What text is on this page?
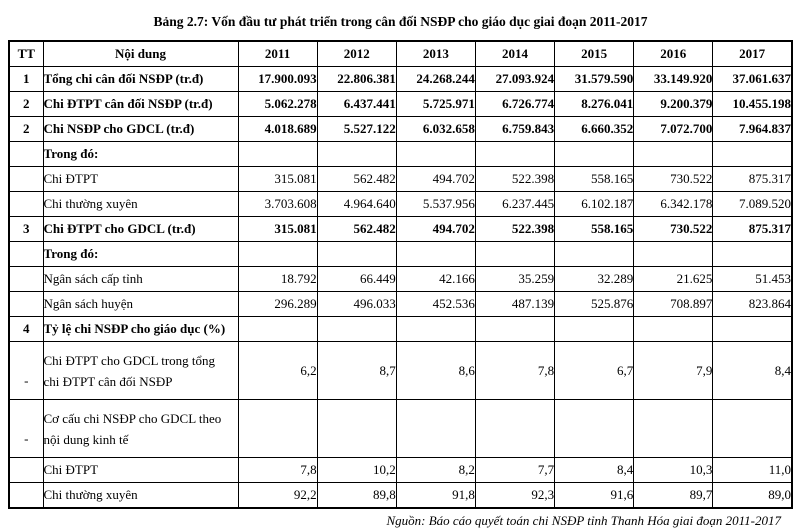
Bảng 2.7: Vốn đầu tư phát triển trong cân đối NSĐP cho giáo dục giai đoạn 2011-2017
TT	Nội dung	2011	2012	2013	2014	2015	2016	2017
1	Tổng chi cân đối NSĐP (tr.đ)	17.900.093	22.806.381	24.268.244	27.093.924	31.579.590	33.149.920	37.061.637
2	Chi ĐTPT cân đối NSĐP (tr.đ)	5.062.278	6.437.441	5.725.971	6.726.774	8.276.041	9.200.379	10.455.198
2	Chi NSĐP cho GDCL (tr.đ)	4.018.689	5.527.122	6.032.658	6.759.843	6.660.352	7.072.700	7.964.837
	Trong đó:							
	Chi ĐTPT	315.081	562.482	494.702	522.398	558.165	730.522	875.317
	Chi thường xuyên	3.703.608	4.964.640	5.537.956	6.237.445	6.102.187	6.342.178	7.089.520
3	Chi ĐTPT cho GDCL (tr.đ)	315.081	562.482	494.702	522.398	558.165	730.522	875.317
	Trong đó:							
	Ngân sách cấp tỉnh	18.792	66.449	42.166	35.259	32.289	21.625	51.453
	Ngân sách huyện	296.289	496.033	452.536	487.139	525.876	708.897	823.864
4	Tỷ lệ chi NSĐP cho giáo dục (%)							
-	Chi ĐTPT cho GDCL trong tổng chi ĐTPT cân đối NSĐP	6,2	8,7	8,6	7,8	6,7	7,9	8,4
-	Cơ cấu chi NSĐP cho GDCL theo nội dung kinh tế							
	Chi ĐTPT	7,8	10,2	8,2	7,7	8,4	10,3	11,0
	Chi thường xuyên	92,2	89,8	91,8	92,3	91,6	89,7	89,0
Nguồn: Báo cáo quyết toán chi NSĐP tỉnh Thanh Hóa giai đoạn 2011-2017
